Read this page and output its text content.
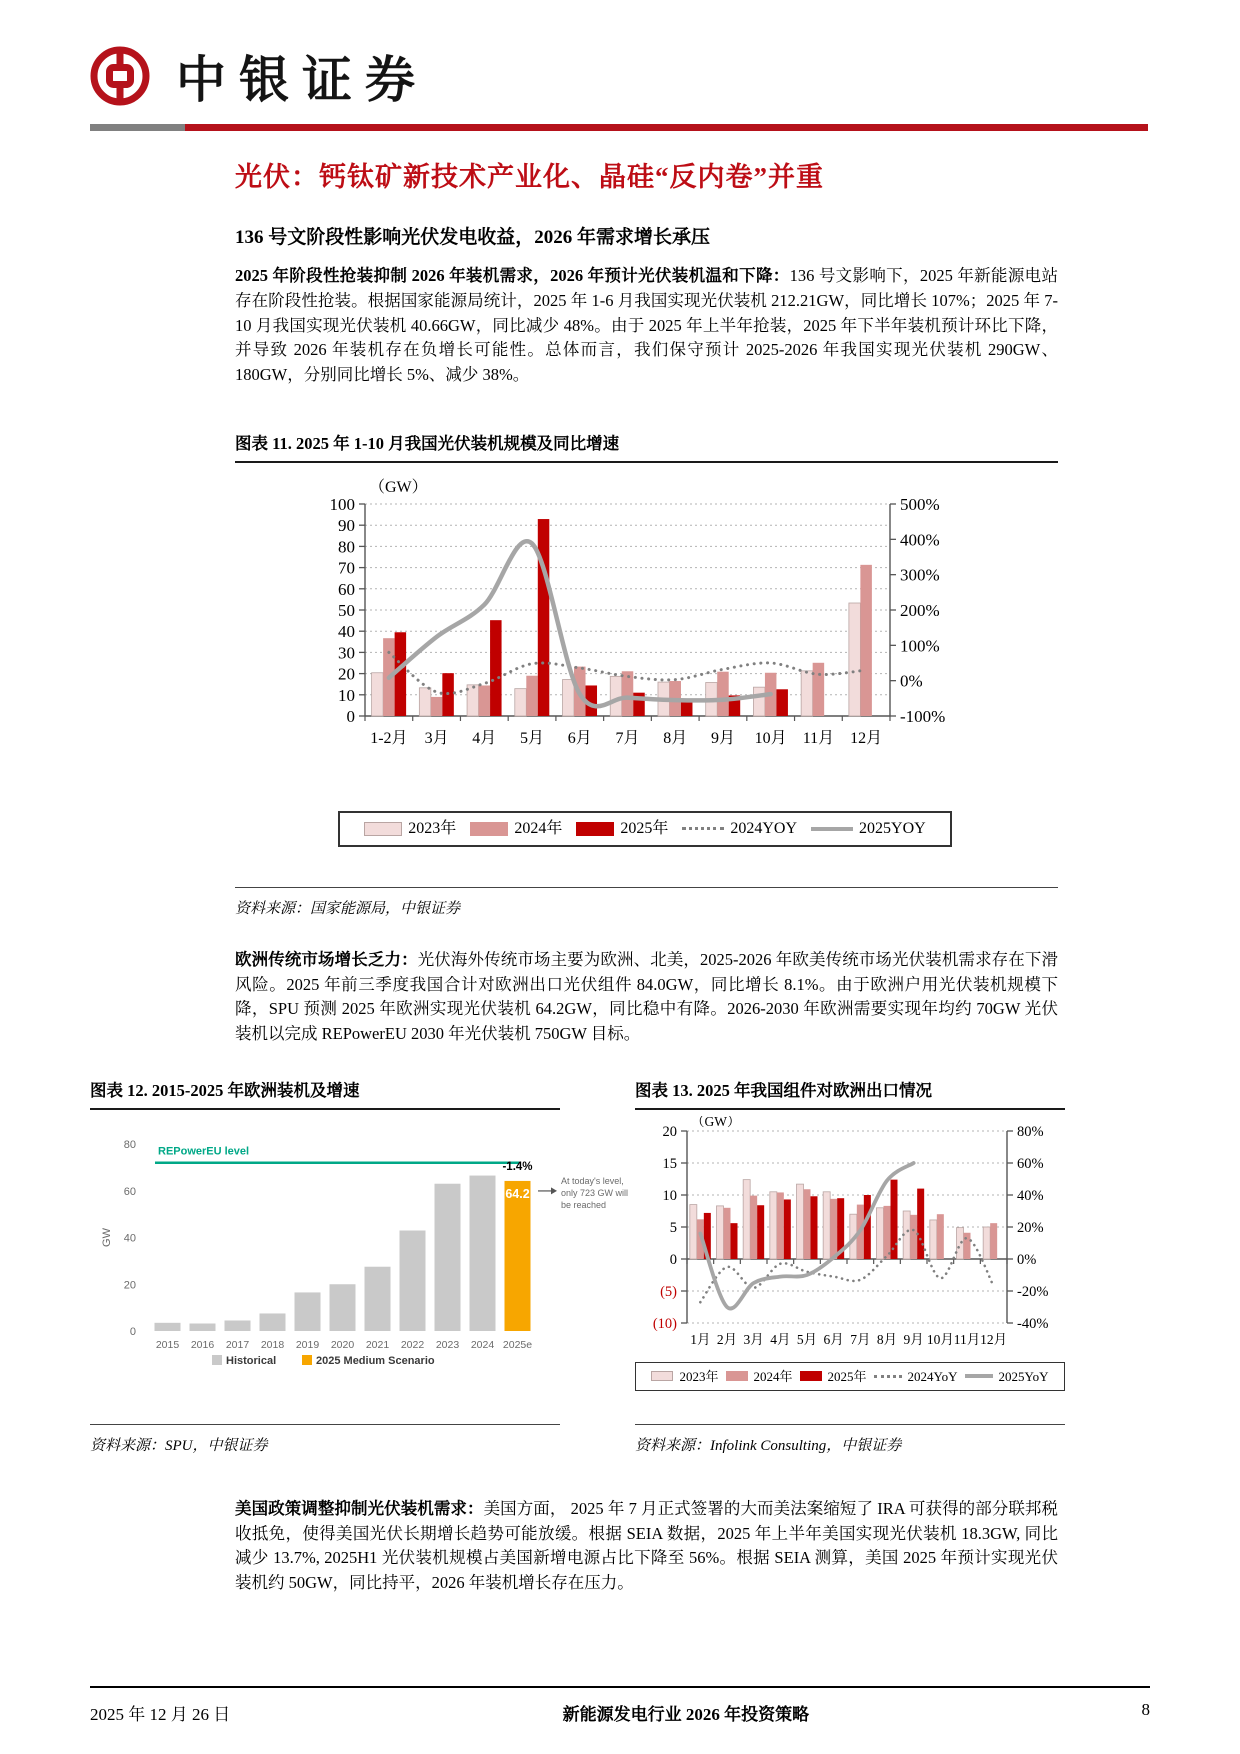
中银证券
光伏：钙钛矿新技术产业化、晶硅“反内卷”并重
136 号文阶段性影响光伏发电收益，2026 年需求增长承压

2025 年阶段性抢装抑制 2026 年装机需求，2026 年预计光伏装机温和下降：136 号文影响下，2025 年新能源电站存在阶段性抢装。根据国家能源局统计，2025 年 1-6 月我国实现光伏装机 212.21GW，同比增长 107%；2025 年 7-10 月我国实现光伏装机 40.66GW，同比减少 48%。由于 2025 年上半年抢装，2025 年下半年装机预计环比下降，并导致 2026 年装机存在负增长可能性。总体而言，我们保守预计 2025-2026 年我国实现光伏装机 290GW、180GW，分别同比增长 5%、减少 38%。

图表 11. 2025 年 1-10 月我国光伏装机规模及同比增速
100
90
80
70
60
50
40
30
20
10
0
500%
400%
300%
200%
100%
0%
-100%
1-2月 3月 4月 5月 6月 7月 8月 9月 10月 11月 12月
（GW）
2023年	2024年	2025年	2024YOY	2025YOY
资料来源：国家能源局，中银证券

欧洲传统市场增长乏力：光伏海外传统市场主要为欧洲、北美，2025-2026 年欧美传统市场光伏装机需求存在下滑风险。2025 年前三季度我国合计对欧洲出口光伏组件 84.0GW，同比增长 8.1%。由于欧洲户用光伏装机规模下降，SPU 预测 2025 年欧洲实现光伏装机 64.2GW，同比稳中有降。2026-2030 年欧洲需要实现年均约 70GW 光伏装机以完成 REPowerEU 2030 年光伏装机 750GW 目标。

图表 12. 2015-2025 年欧洲装机及增速
0
20
40
60
80
GW
2015 2016 2017 2018 2019 2020 2021 2022 2023 2024 2025e
REPowerEU level
-1.4%
64.2
At today's level,
only 723 GW will
be reached
Historical	2025 Medium Scenario
资料来源：SPU，中银证券
图表 13. 2025 年我国组件对欧洲出口情况
20
15
10
5
0
(5)
(10)
80%
60%
40%
20%
0%
-20%
-40%
1月 2月 3月 4月 5月 6月 7月 8月 9月 10月 11月 12月
（GW）
2023年	2024年	2025年	2024YoY	2025YoY
资料来源：Infolink Consulting，中银证券

美国政策调整抑制光伏装机需求：美国方面， 2025 年 7 月正式签署的大而美法案缩短了 IRA 可获得的部分联邦税收抵免，使得美国光伏长期增长趋势可能放缓。根据 SEIA 数据，2025 年上半年美国实现光伏装机 18.3GW, 同比减少 13.7%, 2025H1 光伏装机规模占美国新增电源占比下降至 56%。根据 SEIA 测算，美国 2025 年预计实现光伏装机约 50GW，同比持平，2026 年装机增长存在压力。

2025 年 12 月 26 日	新能源发电行业 2026 年投资策略	8
